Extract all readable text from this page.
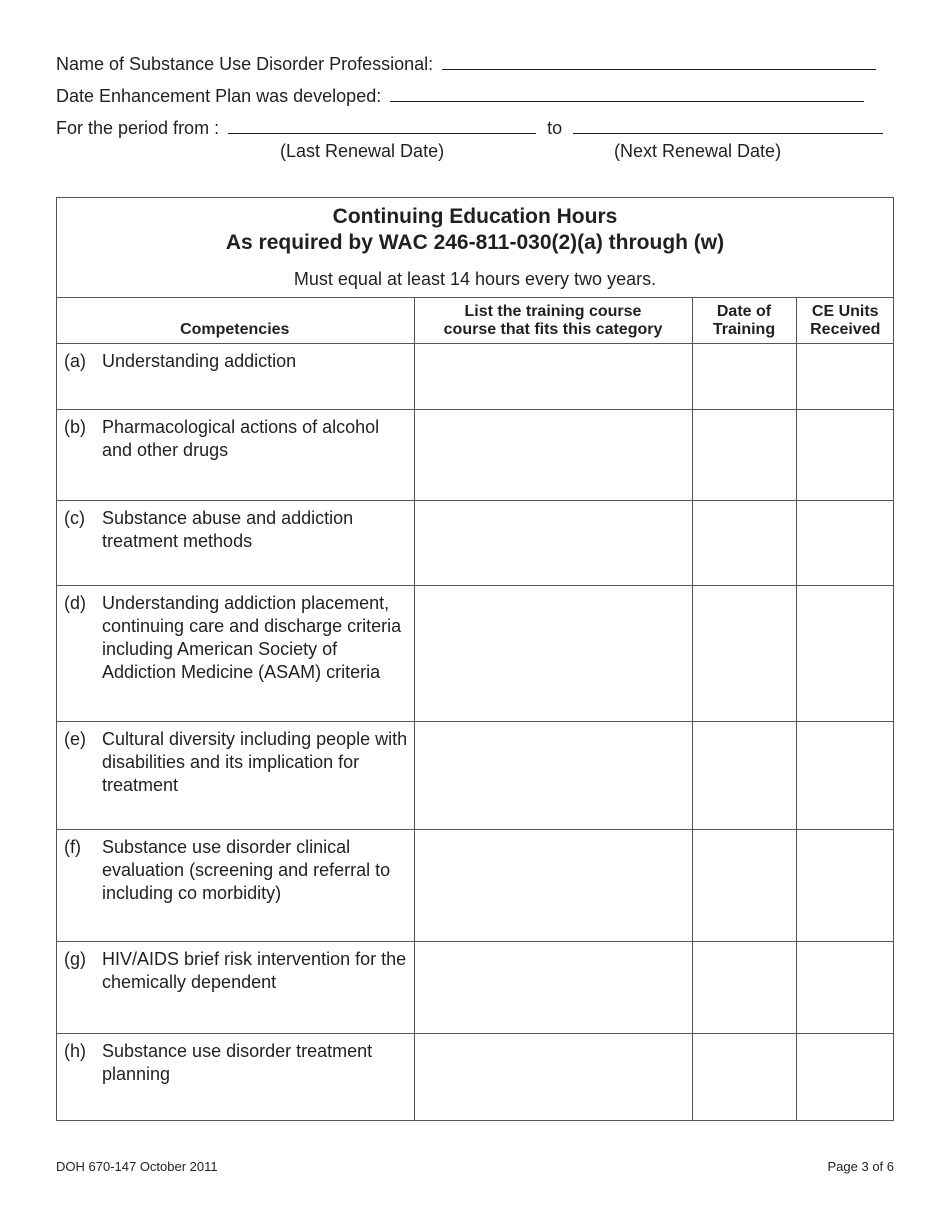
Name of Substance Use Disorder Professional:
Date Enhancement Plan was developed:
For the period from :	to
(Last Renewal Date)	(Next Renewal Date)
Continuing Education Hours
As required by WAC 246-811-030(2)(a) through (w)
Must equal at least 14 hours every two years.
Competencies	List the training course course that fits this category	Date of Training	CE Units Received

(a) Understanding addiction			

(b) Pharmacological actions of alcohol and other drugs			

(c) Substance abuse and addiction treatment methods			

(d) Understanding addiction placement, continuing care and discharge criteria including American Society of Addiction Medicine (ASAM) criteria			

(e) Cultural diversity including people with disabilities and its implication for treatment			

(f) Substance use disorder clinical evaluation (screening and referral to including co morbidity)			

(g) HIV/AIDS brief risk intervention for the chemically dependent			

(h) Substance use disorder treatment planning			

DOH 670-147 October 2011	Page 3 of 6
